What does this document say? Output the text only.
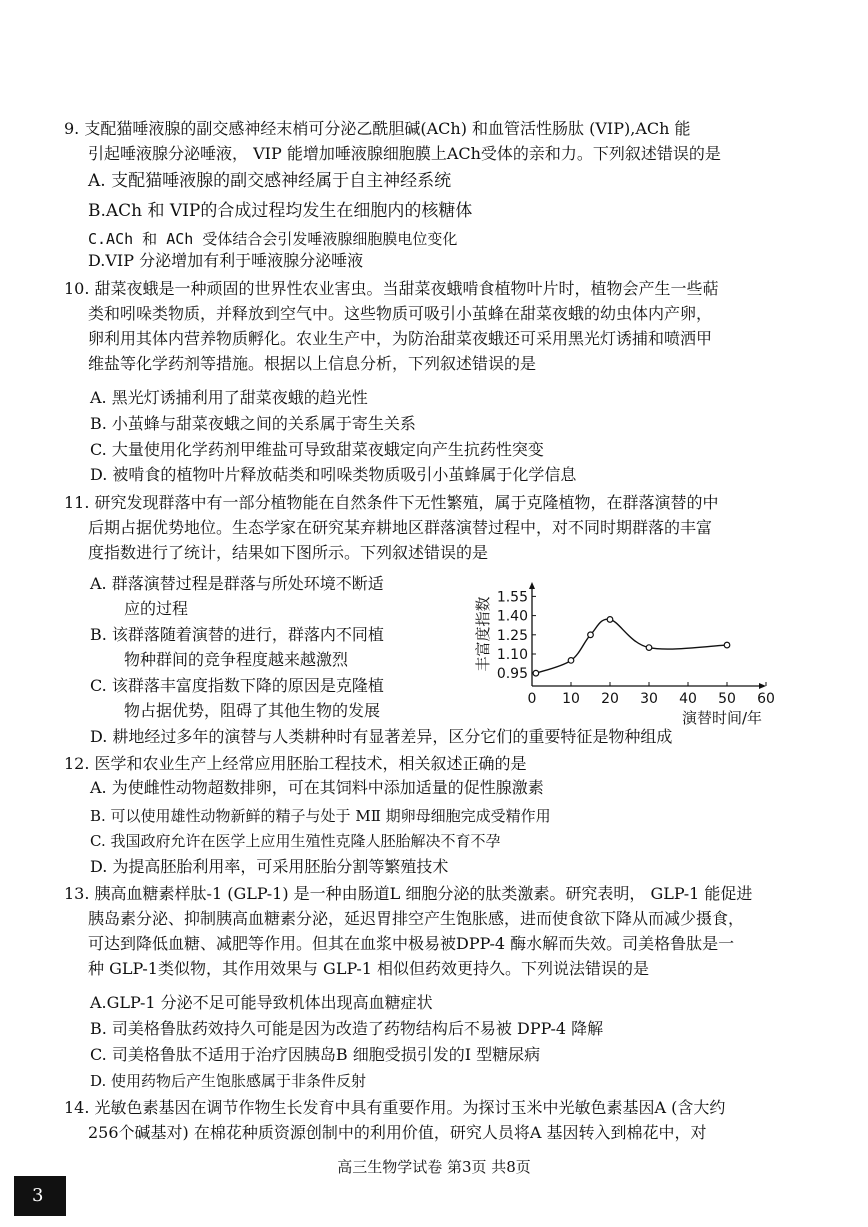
9. 支配猫唾液腺的副交感神经末梢可分泌乙酰胆碱(ACh) 和血管活性肠肽 (VIP),ACh 能
引起唾液腺分泌唾液， VIP 能增加唾液腺细胞膜上ACh受体的亲和力。下列叙述错误的是
A. 支配猫唾液腺的副交感神经属于自主神经系统
B.ACh 和 VIP的合成过程均发生在细胞内的核糖体
C.ACh 和 ACh 受体结合会引发唾液腺细胞膜电位变化
D.VIP 分泌增加有利于唾液腺分泌唾液
10. 甜菜夜蛾是一种顽固的世界性农业害虫。当甜菜夜蛾啃食植物叶片时，植物会产生一些萜
类和吲哚类物质，并释放到空气中。这些物质可吸引小茧蜂在甜菜夜蛾的幼虫体内产卵，
卵利用其体内营养物质孵化。农业生产中，为防治甜菜夜蛾还可采用黑光灯诱捕和喷洒甲
维盐等化学药剂等措施。根据以上信息分析，下列叙述错误的是
A. 黑光灯诱捕利用了甜菜夜蛾的趋光性
B. 小茧蜂与甜菜夜蛾之间的关系属于寄生关系
C. 大量使用化学药剂甲维盐可导致甜菜夜蛾定向产生抗药性突变
D. 被啃食的植物叶片释放萜类和吲哚类物质吸引小茧蜂属于化学信息
11. 研究发现群落中有一部分植物能在自然条件下无性繁殖，属于克隆植物，在群落演替的中
后期占据优势地位。生态学家在研究某弃耕地区群落演替过程中，对不同时期群落的丰富
度指数进行了统计，结果如下图所示。下列叙述错误的是
A. 群落演替过程是群落与所处环境不断适
应的过程
B. 该群落随着演替的进行，群落内不同植
物种群间的竞争程度越来越激烈
C. 该群落丰富度指数下降的原因是克隆植
物占据优势，阻碍了其他生物的发展
D. 耕地经过多年的演替与人类耕种时有显著差异，区分它们的重要特征是物种组成
0.95
1.10
1.25
1.40
1.55
0 10 20 30 40 50 60
演替时间/年
丰富度指数
12. 医学和农业生产上经常应用胚胎工程技术，相关叙述正确的是
A. 为使雌性动物超数排卵，可在其饲料中添加适量的促性腺激素
B. 可以使用雄性动物新鲜的精子与处于 MⅡ 期卵母细胞完成受精作用
C. 我国政府允许在医学上应用生殖性克隆人胚胎解决不育不孕
D. 为提高胚胎利用率，可采用胚胎分割等繁殖技术
13. 胰高血糖素样肽-1 (GLP-1) 是一种由肠道L 细胞分泌的肽类激素。研究表明， GLP-1 能促进
胰岛素分泌、抑制胰高血糖素分泌，延迟胃排空产生饱胀感，进而使食欲下降从而减少摄食，
可达到降低血糖、减肥等作用。但其在血浆中极易被DPP-4 酶水解而失效。司美格鲁肽是一
种 GLP-1类似物，其作用效果与 GLP-1 相似但药效更持久。下列说法错误的是
A.GLP-1 分泌不足可能导致机体出现高血糖症状
B. 司美格鲁肽药效持久可能是因为改造了药物结构后不易被 DPP-4 降解
C. 司美格鲁肽不适用于治疗因胰岛B 细胞受损引发的I 型糖尿病
D. 使用药物后产生饱胀感属于非条件反射
14. 光敏色素基因在调节作物生长发育中具有重要作用。为探讨玉米中光敏色素基因A (含大约
256个碱基对) 在棉花种质资源创制中的利用价值，研究人员将A 基因转入到棉花中，对
高三生物学试卷 第3页 共8页
3
